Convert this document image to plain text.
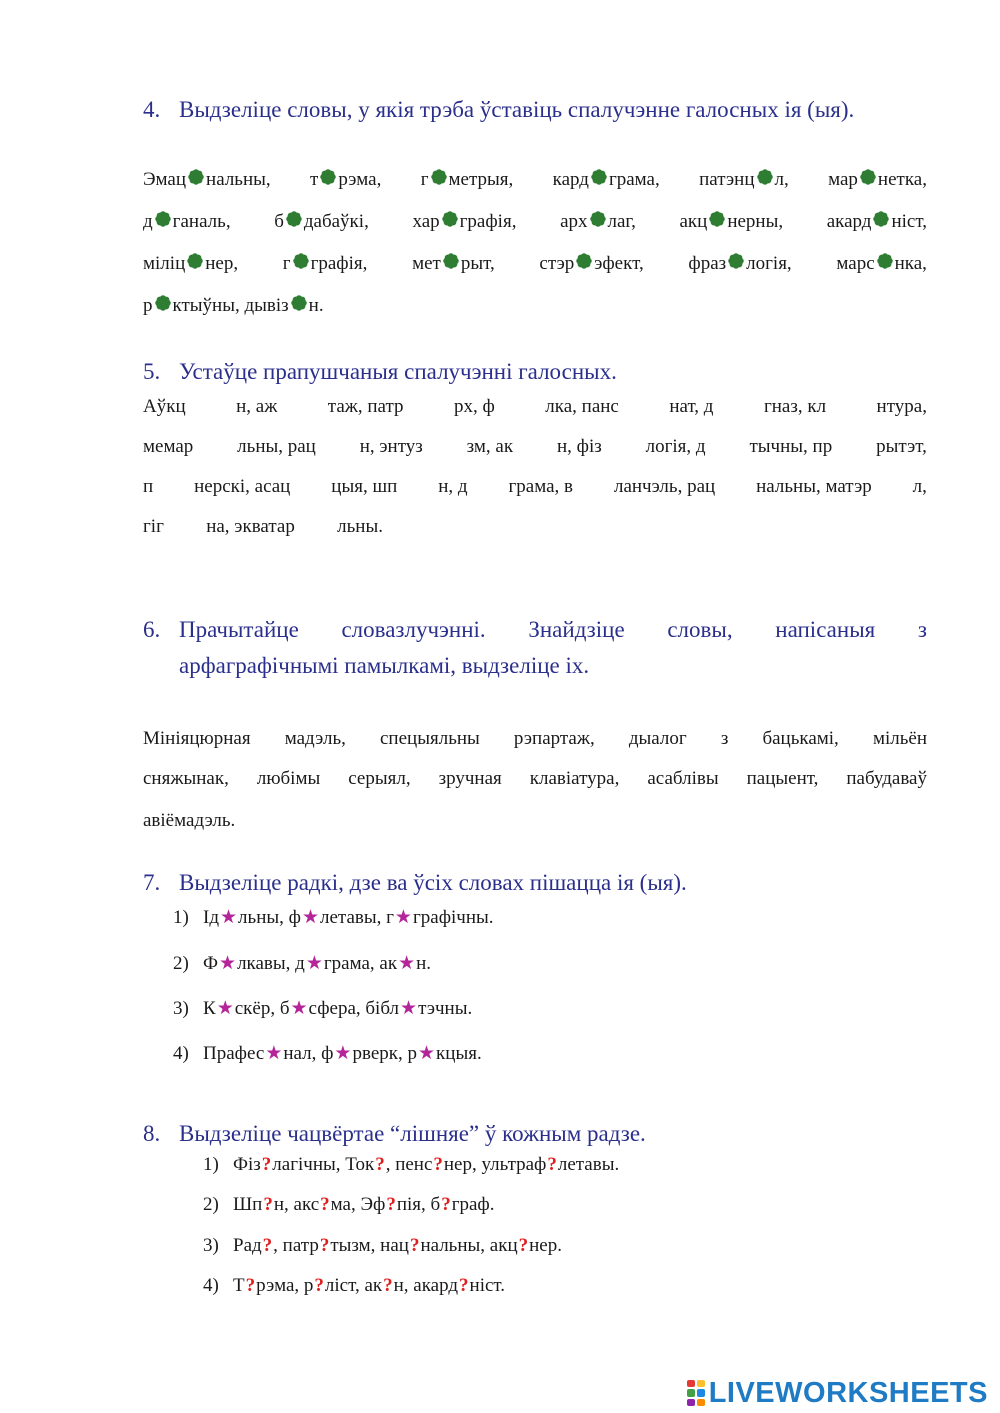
4. Выдзеліце словы, у якія трэба ўставіць спалучэнне галосных ія (ыя).
Эмац нальны, т рэма, г метрыя, кард грама, патэнц л, мар нетка,
д ганаль, б дабаўкі, хар графія, арх лаг, акц нерны, акард ніст,
міліц нер, г графія, мет рыт, стэр эфект, фраз логія, марс нка,
р ктыўны, дывіз н.
5. Устаўце прапушчаныя спалучэнні галосных.
Аўкц	н, аж	таж, патр	рх, ф	лка, панс	нат, д	гназ, кл	нтура,
мемар льны, рац н, энтуз зм, ак н, фіз логія, д тычны, пр рытэт,
п нерскі, асац цыя, шп н, д грама, в ланчэль, рац нальны, матэр л,
гіг на, экватар льны.
6. Прачытайце словазлучэнні. Знайдзіце словы, напісаныя з
арфаграфічнымі памылкамі, выдзеліце іх.
Мініяцюрная мадэль, спецыяльны рэпартаж, дыалог з бацькамі, мільён
сняжынак, любімы серыял, зручная клавіатура, асаблівы пацыент, пабудаваў
авіёмадэль.
7. Выдзеліце радкі, дзе ва ўсіх словах пішацца ія (ыя).
1) Ід★льны, ф★летавы, г★графічны.
2) Ф★лкавы, д★грама, ак★н.
3) К★скёр, б★сфера, бібл★тэчны.
4) Прафес★нал, ф★рверк, р★кцыя.
8. Выдзеліце чацвёртае “лішняе” ў кожным радзе.
1) Фіз?лагічны, Ток?, пенс?нер, ультраф?летавы.
2) Шп?н, акс?ма, Эф?пія, б?граф.
3) Рад?, патр?тызм, нац?нальны, акц?нер.
4) Т?рэма, р?ліст, ак?н, акард?ніст.
LIVEWORKSHEETS
